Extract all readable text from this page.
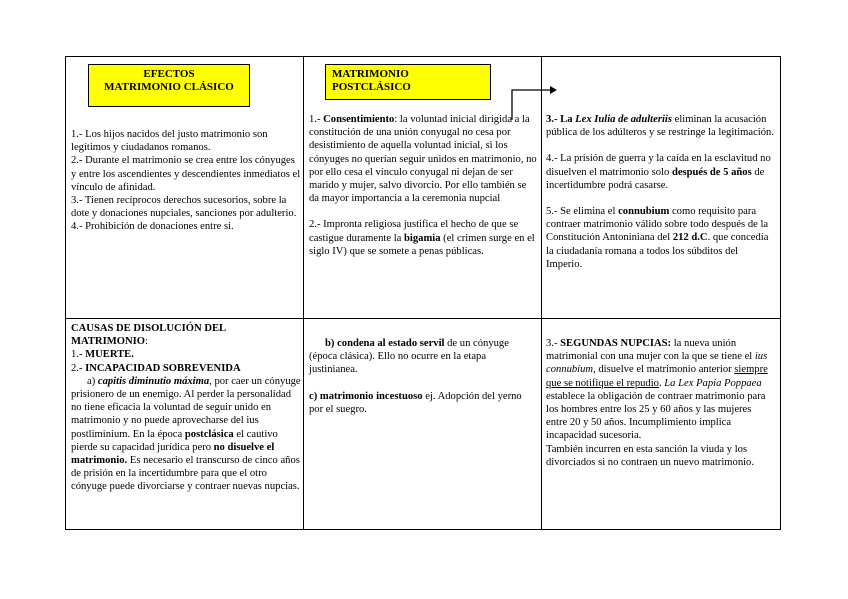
EFECTOS
MATRIMONIO CLÁSICO
MATRIMONIO
POSTCLÁSICO

1.- Los hijos nacidos del justo matrimonio son legítimos y ciudadanos romanos.

2.- Durante el matrimonio se crea entre los cónyuges y entre los ascendientes y descendientes inmediatos el vínculo de afinidad.

3.- Tienen recíprocos derechos sucesorios, sobre la dote y donaciones nupciales, sanciones por adulterio.

4.- Prohibición de donaciones entre si.

1.- Consentimiento: la voluntad inicial dirigida a la constitución de una unión conyugal no cesa por desistimiento de aquella voluntad inicial, si los cónyuges no querían seguir unidos en matrimonio, no por ello cesa el vínculo conyugal ni dejan de ser marido y mujer, salvo divorcio. Por ello también se da mayor importancia a la ceremonia nupcial

2.- Impronta religiosa justifica el hecho de que se castigue duramente la bigamia (el crimen surge en el siglo IV) que se somete a penas públicas.

3.- La Lex Iulia de adulteriis eliminan la acusación pública de los adúlteros y se restringe la legitimación.

4.- La prisión de guerra y la caída en la esclavitud no disuelven el matrimonio solo después de 5 años de incertidumbre podrá casarse.

5.- Se elimina el connubium como requisito para contraer matrimonio válido sobre todo después de la Constitución Antoniniana del 212 d.C. que concedía la ciudadanía romana a todos los súbditos del Imperio.

CAUSAS DE DISOLUCIÓN DEL MATRIMONIO:

1.- MUERTE.

2.- INCAPACIDAD SOBREVENIDA

a) capitis diminutio máxima, por caer un cónyuge prisionero de un enemigo. Al perder la personalidad no tiene eficacia la voluntad de seguir unido en matrimonio y no puede aprovecharse del ius postliminium. En la época postclásica el cautivo pierde su capacidad jurídica pero no disuelve el matrimonio. Es necesario el transcurso de cinco años de prisión en la incertidumbre para que el otro cónyuge puede divorciarse y contraer nuevas nupcias.

b) condena al estado servil de un cónyuge (época clásica). Ello no ocurre en la etapa justinianea.

c) matrimonio incestuoso ej. Adopción del yerno por el suegro.

3.- SEGUNDAS NUPCIAS: la nueva unión matrimonial con una mujer con la que se tiene el ius connubium, disuelve el matrimonio anterior siempre que se notifique el repudio. La Lex Papia Poppaea establece la obligación de contraer matrimonio para los hombres entre los 25 y 60 años y las mujeres entre 20 y 50 años. Incumplimiento implica incapacidad sucesoria.

También incurren en esta sanción la viuda y los divorciados si no contraen un nuevo matrimonio.
